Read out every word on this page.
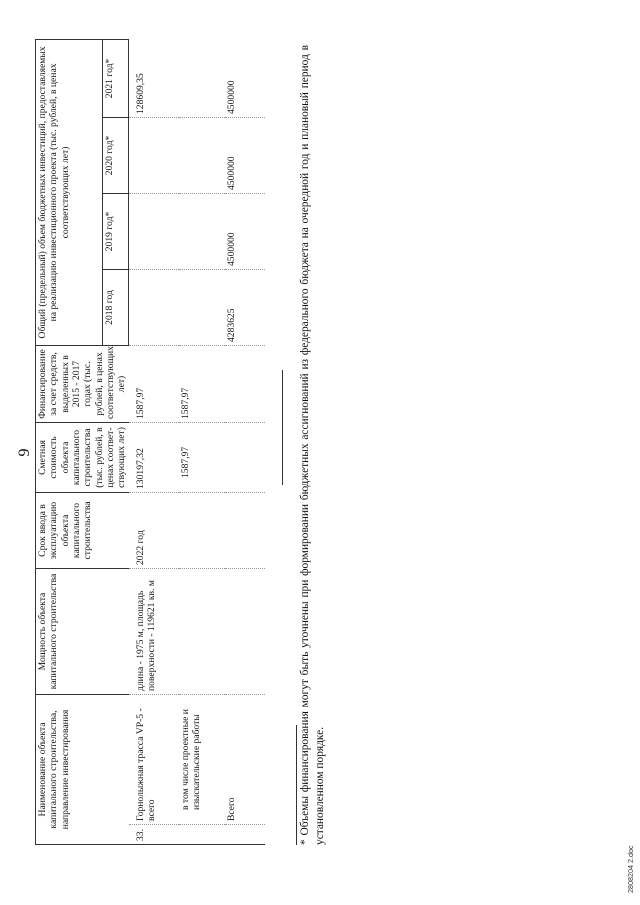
9
Наименование объекта капитального строительства, направление инвестирования		Мощность объекта капитального строительства	Срок ввода в эксплуатацию объекта капитального строительства	Сметная стоимость объекта капитального строительства (тыс. рублей, в ценах соответ-ствующих лет)	Финансирование за счет средств, выделенных в 2015 - 2017 годах (тыс. рублей, в ценах соответствующих лет)	Общий (предельный) объем бюджетных инвестиций, предоставляемых на реализацию инвестиционного проекта (тыс. рублей, в ценах соответствующих лет)			
						2018 год	2019 год*	2020 год*	2021 год*
33.	Горнолыжная трасса VP-5 - всего	длина - 1975 м, площадь поверхности - 119621 кв. м	2022 год	130197,32	1587,97				128609,35
	в том числе проектные и изыскательские работы			1587,97	1587,97				
	Всего					4283625	4500000	4500000	4500000	* Объемы финансирования могут быть уточнены при формировании бюджетных ассигнований из федерального бюджета на очередной год и плановый период в установленном порядке.
2808204 2.doc
